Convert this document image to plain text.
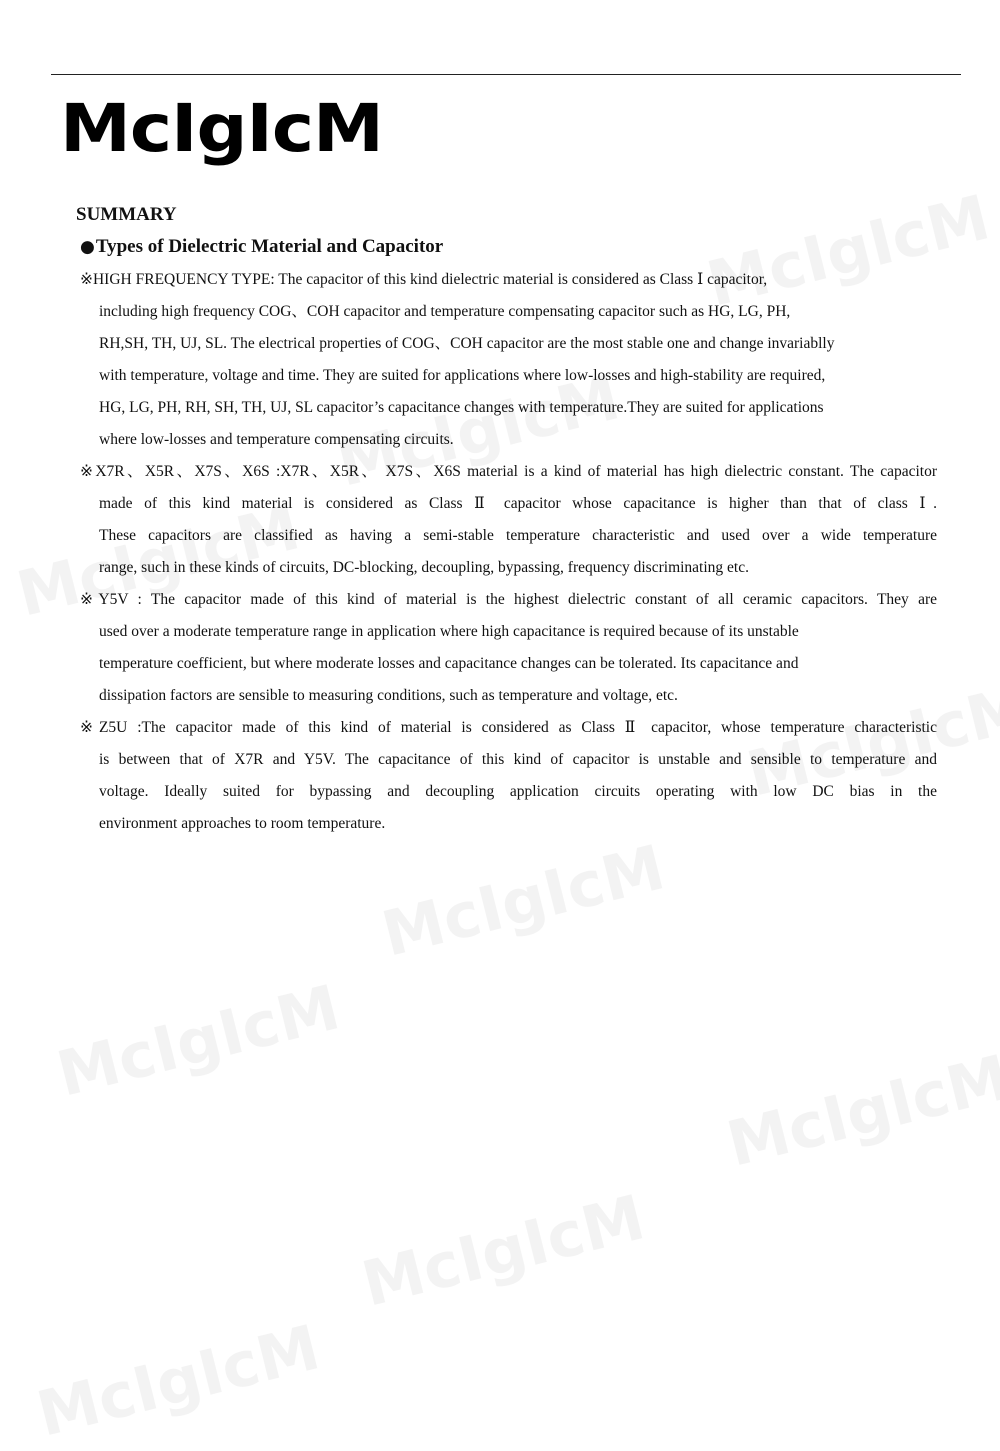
McIgIcM
SUMMARY
●Types of Dielectric Material and Capacitor
※HIGH FREQUENCY TYPE: The capacitor of this kind dielectric material is considered as Class Ⅰ capacitor,
including high frequency COG、COH capacitor and temperature compensating capacitor such as HG, LG, PH,
RH,SH, TH, UJ, SL. The electrical properties of COG、COH capacitor are the most stable one and change invariablly
with temperature, voltage and time. They are suited for applications where low-losses and high-stability are required,
HG, LG, PH, RH, SH, TH, UJ, SL capacitor’s capacitance changes with temperature.They are suited for applications
where low-losses and temperature compensating circuits.
※X7R、X5R、X7S、X6S :X7R、X5R、 X7S、X6S material is a kind of material has high dielectric constant. The capacitor
made of this kind material is considered as Class Ⅱ capacitor whose capacitance is higher than that of class Ⅰ.
These capacitors are classified as having a semi-stable temperature characteristic and used over a wide temperature
range, such in these kinds of circuits, DC-blocking, decoupling, bypassing, frequency discriminating etc.
※Y5V : The capacitor made of this kind of material is the highest dielectric constant of all ceramic capacitors. They are
used over a moderate temperature range in application where high capacitance is required because of its unstable
temperature coefficient, but where moderate losses and capacitance changes can be tolerated. Its capacitance and
dissipation factors are sensible to measuring conditions, such as temperature and voltage, etc.
※Z5U :The capacitor made of this kind of material is considered as Class Ⅱ capacitor, whose temperature characteristic
is between that of X7R and Y5V. The capacitance of this kind of capacitor is unstable and sensible to temperature and
voltage. Ideally suited for bypassing and decoupling application circuits operating with low DC bias in the
environment approaches to room temperature.
